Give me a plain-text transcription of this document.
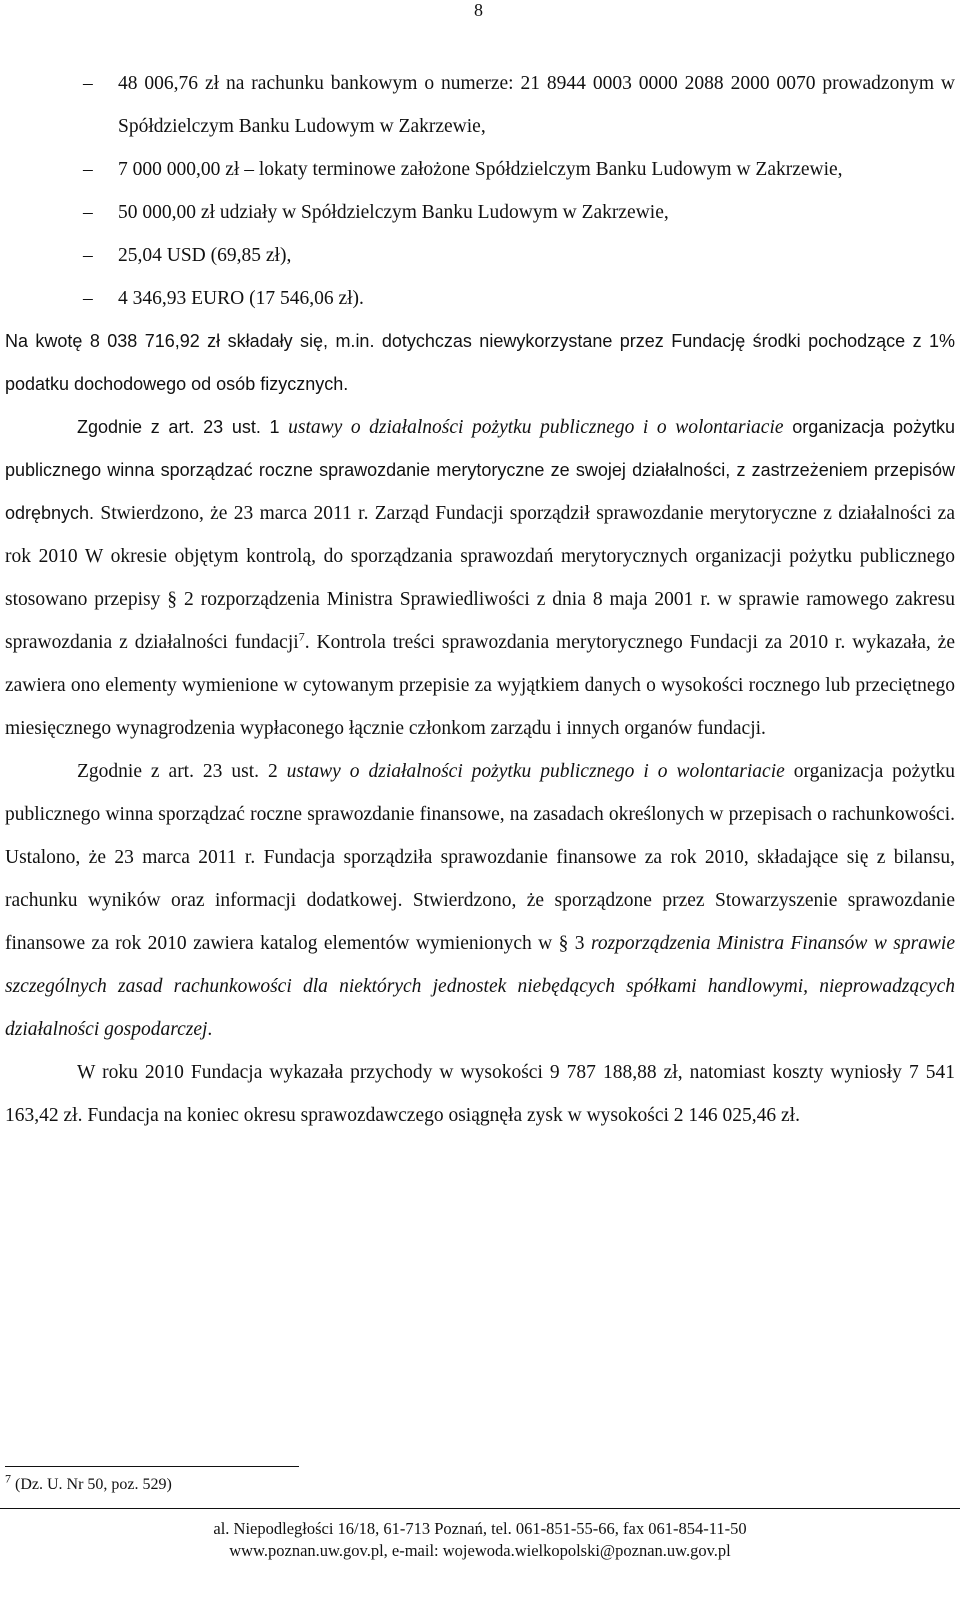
8
– 48 006,76 zł na rachunku bankowym o numerze: 21 8944 0003 0000 2088 2000 0070 prowadzonym w Spółdzielczym Banku Ludowym w Zakrzewie,
– 7 000 000,00 zł – lokaty terminowe założone Spółdzielczym Banku Ludowym w Zakrzewie,
– 50 000,00 zł udziały w Spółdzielczym Banku Ludowym w Zakrzewie,
– 25,04 USD (69,85 zł),
– 4 346,93 EURO (17 546,06 zł).

Na kwotę 8 038 716,92 zł składały się, m.in. dotychczas niewykorzystane przez Fundację środki pochodzące z 1% podatku dochodowego od osób fizycznych.

Zgodnie z art. 23 ust. 1 ustawy o działalności pożytku publicznego i o wolontariacie organizacja pożytku publicznego winna sporządzać roczne sprawozdanie merytoryczne ze swojej działalności, z zastrzeżeniem przepisów odrębnych. Stwierdzono, że 23 marca 2011 r. Zarząd Fundacji sporządził sprawozdanie merytoryczne z działalności za rok 2010 W okresie objętym kontrolą, do sporządzania sprawozdań merytorycznych organizacji pożytku publicznego stosowano przepisy § 2 rozporządzenia Ministra Sprawiedliwości z dnia 8 maja 2001 r. w sprawie ramowego zakresu sprawozdania z działalności fundacji$^7$. Kontrola treści sprawozdania merytorycznego Fundacji za 2010 r. wykazała, że zawiera ono elementy wymienione w cytowanym przepisie za wyjątkiem danych o wysokości rocznego lub przeciętnego miesięcznego wynagrodzenia wypłaconego łącznie członkom zarządu i innych organów fundacji.

Zgodnie z art. 23 ust. 2 ustawy o działalności pożytku publicznego i o wolontariacie organizacja pożytku publicznego winna sporządzać roczne sprawozdanie finansowe, na zasadach określonych w przepisach o rachunkowości. Ustalono, że 23 marca 2011 r. Fundacja sporządziła sprawozdanie finansowe za rok 2010, składające się z bilansu, rachunku wyników oraz informacji dodatkowej. Stwierdzono, że sporządzone przez Stowarzyszenie sprawozdanie finansowe za rok 2010 zawiera katalog elementów wymienionych w § 3 rozporządzenia Ministra Finansów w sprawie szczególnych zasad rachunkowości dla niektórych jednostek niebędących spółkami handlowymi, nieprowadzących działalności gospodarczej.

W roku 2010 Fundacja wykazała przychody w wysokości 9 787 188,88 zł, natomiast koszty wyniosły 7 541 163,42 zł. Fundacja na koniec okresu sprawozdawczego osiągnęła zysk w wysokości 2 146 025,46 zł.

$^7$ (Dz. U. Nr 50, poz. 529)
al. Niepodległości 16/18, 61-713 Poznań, tel. 061-851-55-66, fax 061-854-11-50
www.poznan.uw.gov.pl, e-mail: wojewoda.wielkopolski@poznan.uw.gov.pl
